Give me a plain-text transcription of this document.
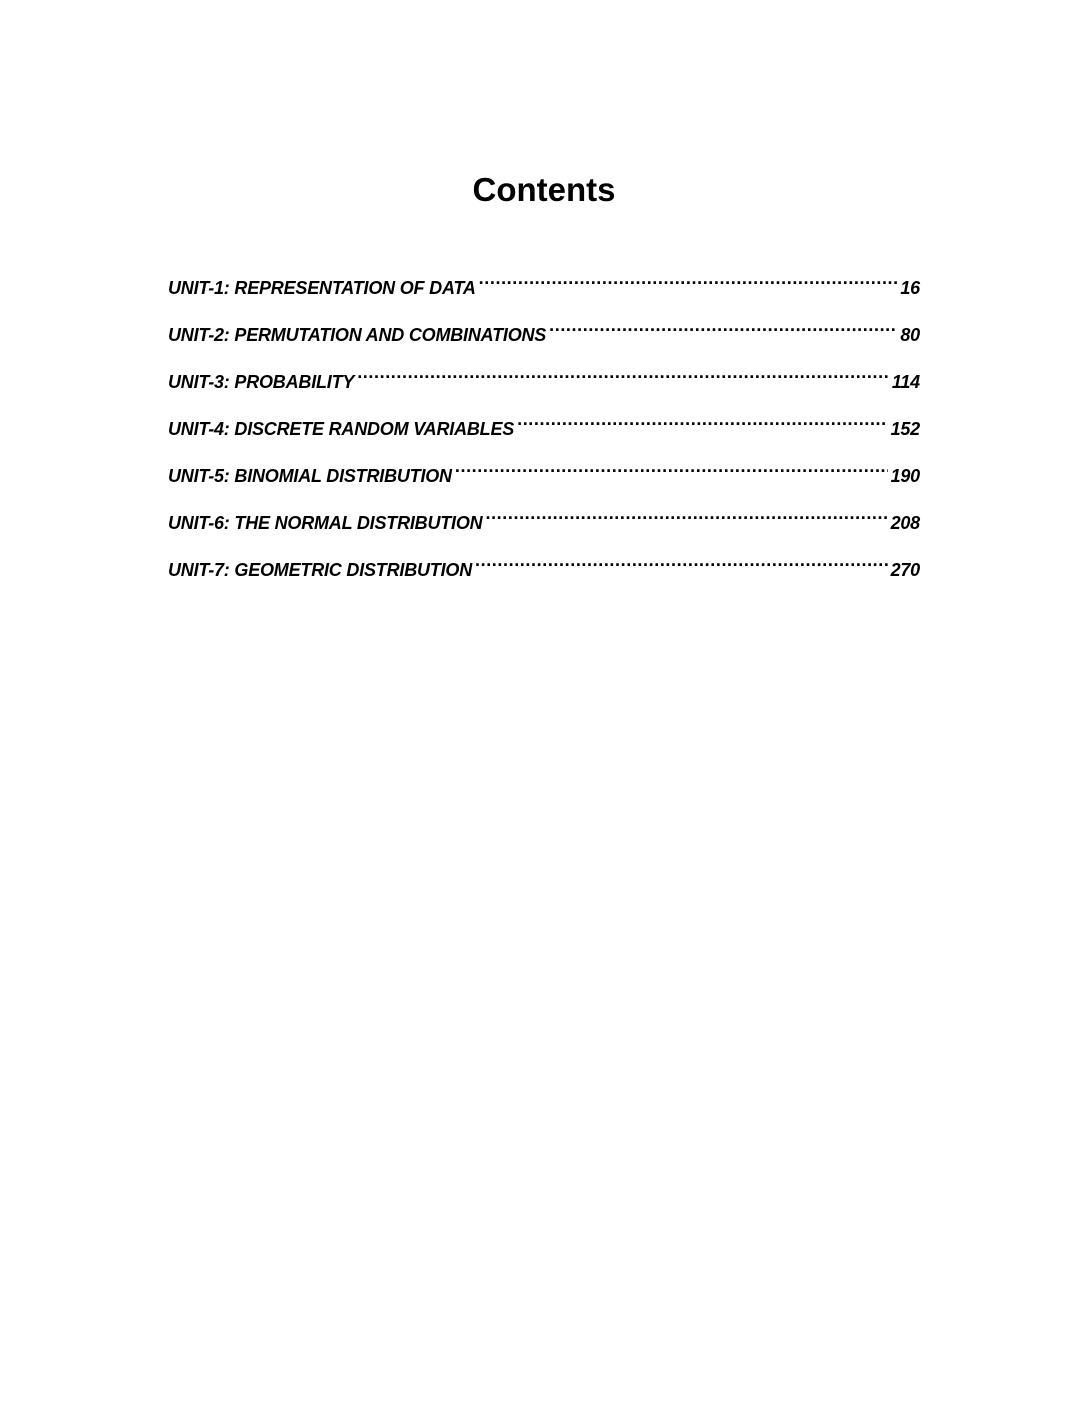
Contents
UNIT-1: REPRESENTATION OF DATA .....	16
UNIT-2: PERMUTATION AND COMBINATIONS .....	80
UNIT-3: PROBABILITY .....	114
UNIT-4: DISCRETE RANDOM VARIABLES .....	152
UNIT-5: BINOMIAL DISTRIBUTION .....	190
UNIT-6: THE NORMAL DISTRIBUTION .....	208
UNIT-7: GEOMETRIC DISTRIBUTION .....	270
